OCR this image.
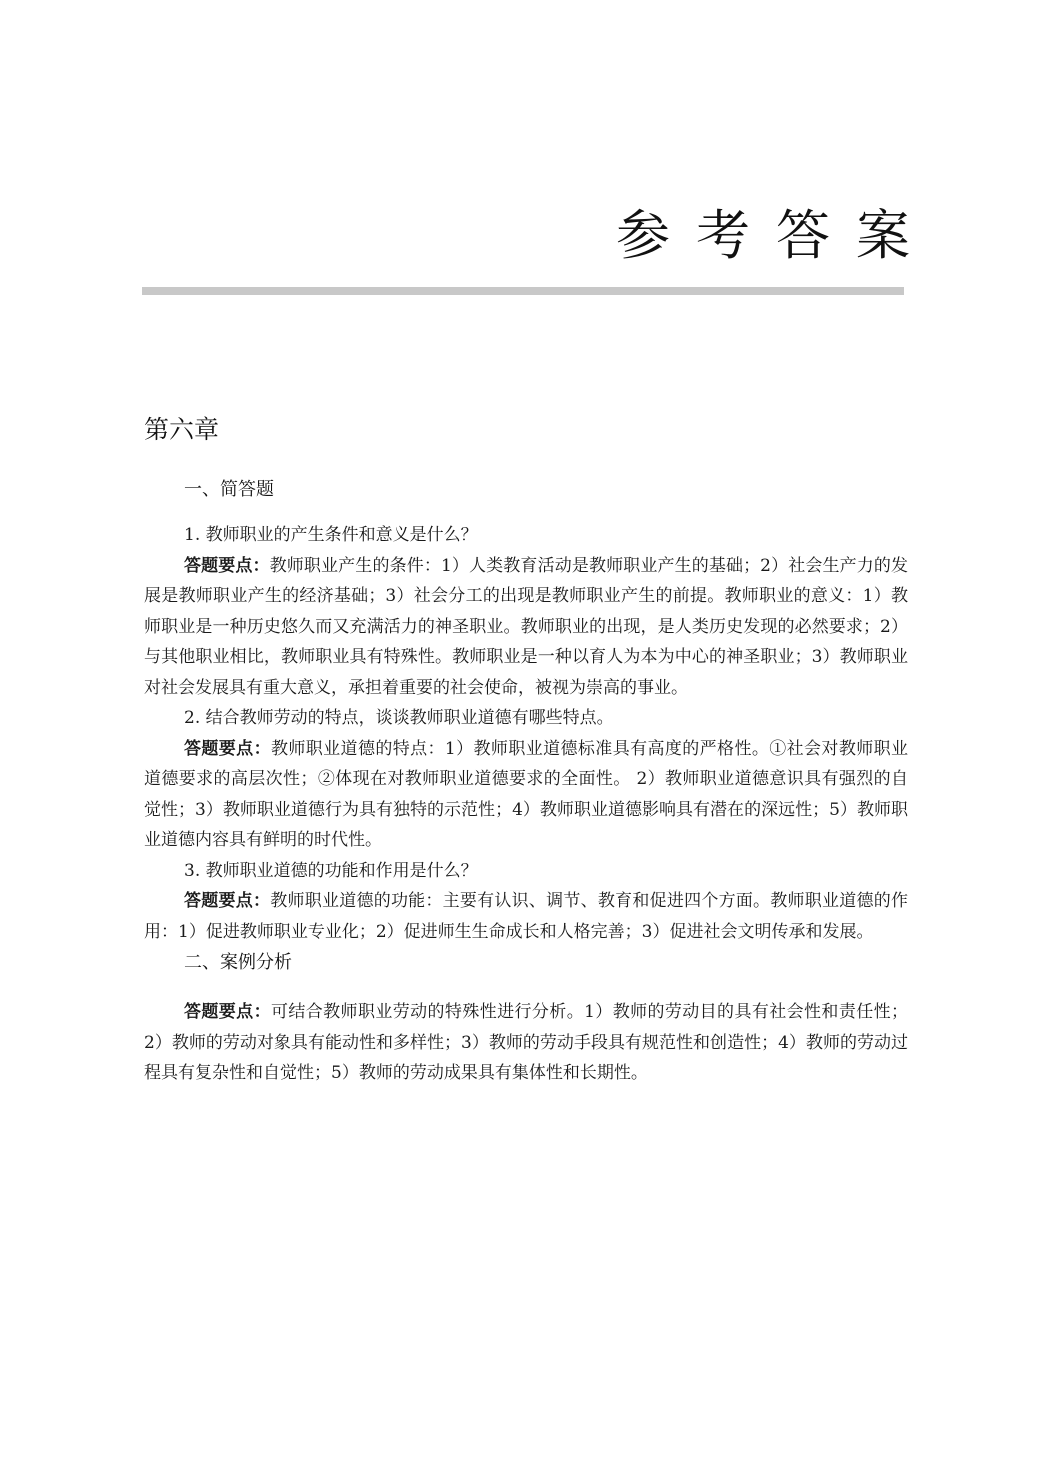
参考答案
第六章
一、简答题

1. 教师职业的产生条件和意义是什么？

答题要点：教师职业产生的条件：1）人类教育活动是教师职业产生的基础；2）社会生产力的发展是教师职业产生的经济基础；3）社会分工的出现是教师职业产生的前提。教师职业的意义：1）教师职业是一种历史悠久而又充满活力的神圣职业。教师职业的出现，是人类历史发现的必然要求；2）与其他职业相比，教师职业具有特殊性。教师职业是一种以育人为本为中心的神圣职业；3）教师职业对社会发展具有重大意义，承担着重要的社会使命，被视为崇高的事业。

2. 结合教师劳动的特点，谈谈教师职业道德有哪些特点。

答题要点：教师职业道德的特点：1）教师职业道德标准具有高度的严格性。①社会对教师职业道德要求的高层次性；②体现在对教师职业道德要求的全面性。 2）教师职业道德意识具有强烈的自觉性；3）教师职业道德行为具有独特的示范性；4）教师职业道德影响具有潜在的深远性；5）教师职业道德内容具有鲜明的时代性。

3. 教师职业道德的功能和作用是什么？

答题要点：教师职业道德的功能：主要有认识、调节、教育和促进四个方面。教师职业道德的作用：1）促进教师职业专业化；2）促进师生生命成长和人格完善；3）促进社会文明传承和发展。

二、案例分析

答题要点：可结合教师职业劳动的特殊性进行分析。1）教师的劳动目的具有社会性和责任性；2）教师的劳动对象具有能动性和多样性；3）教师的劳动手段具有规范性和创造性；4）教师的劳动过程具有复杂性和自觉性；5）教师的劳动成果具有集体性和长期性。
